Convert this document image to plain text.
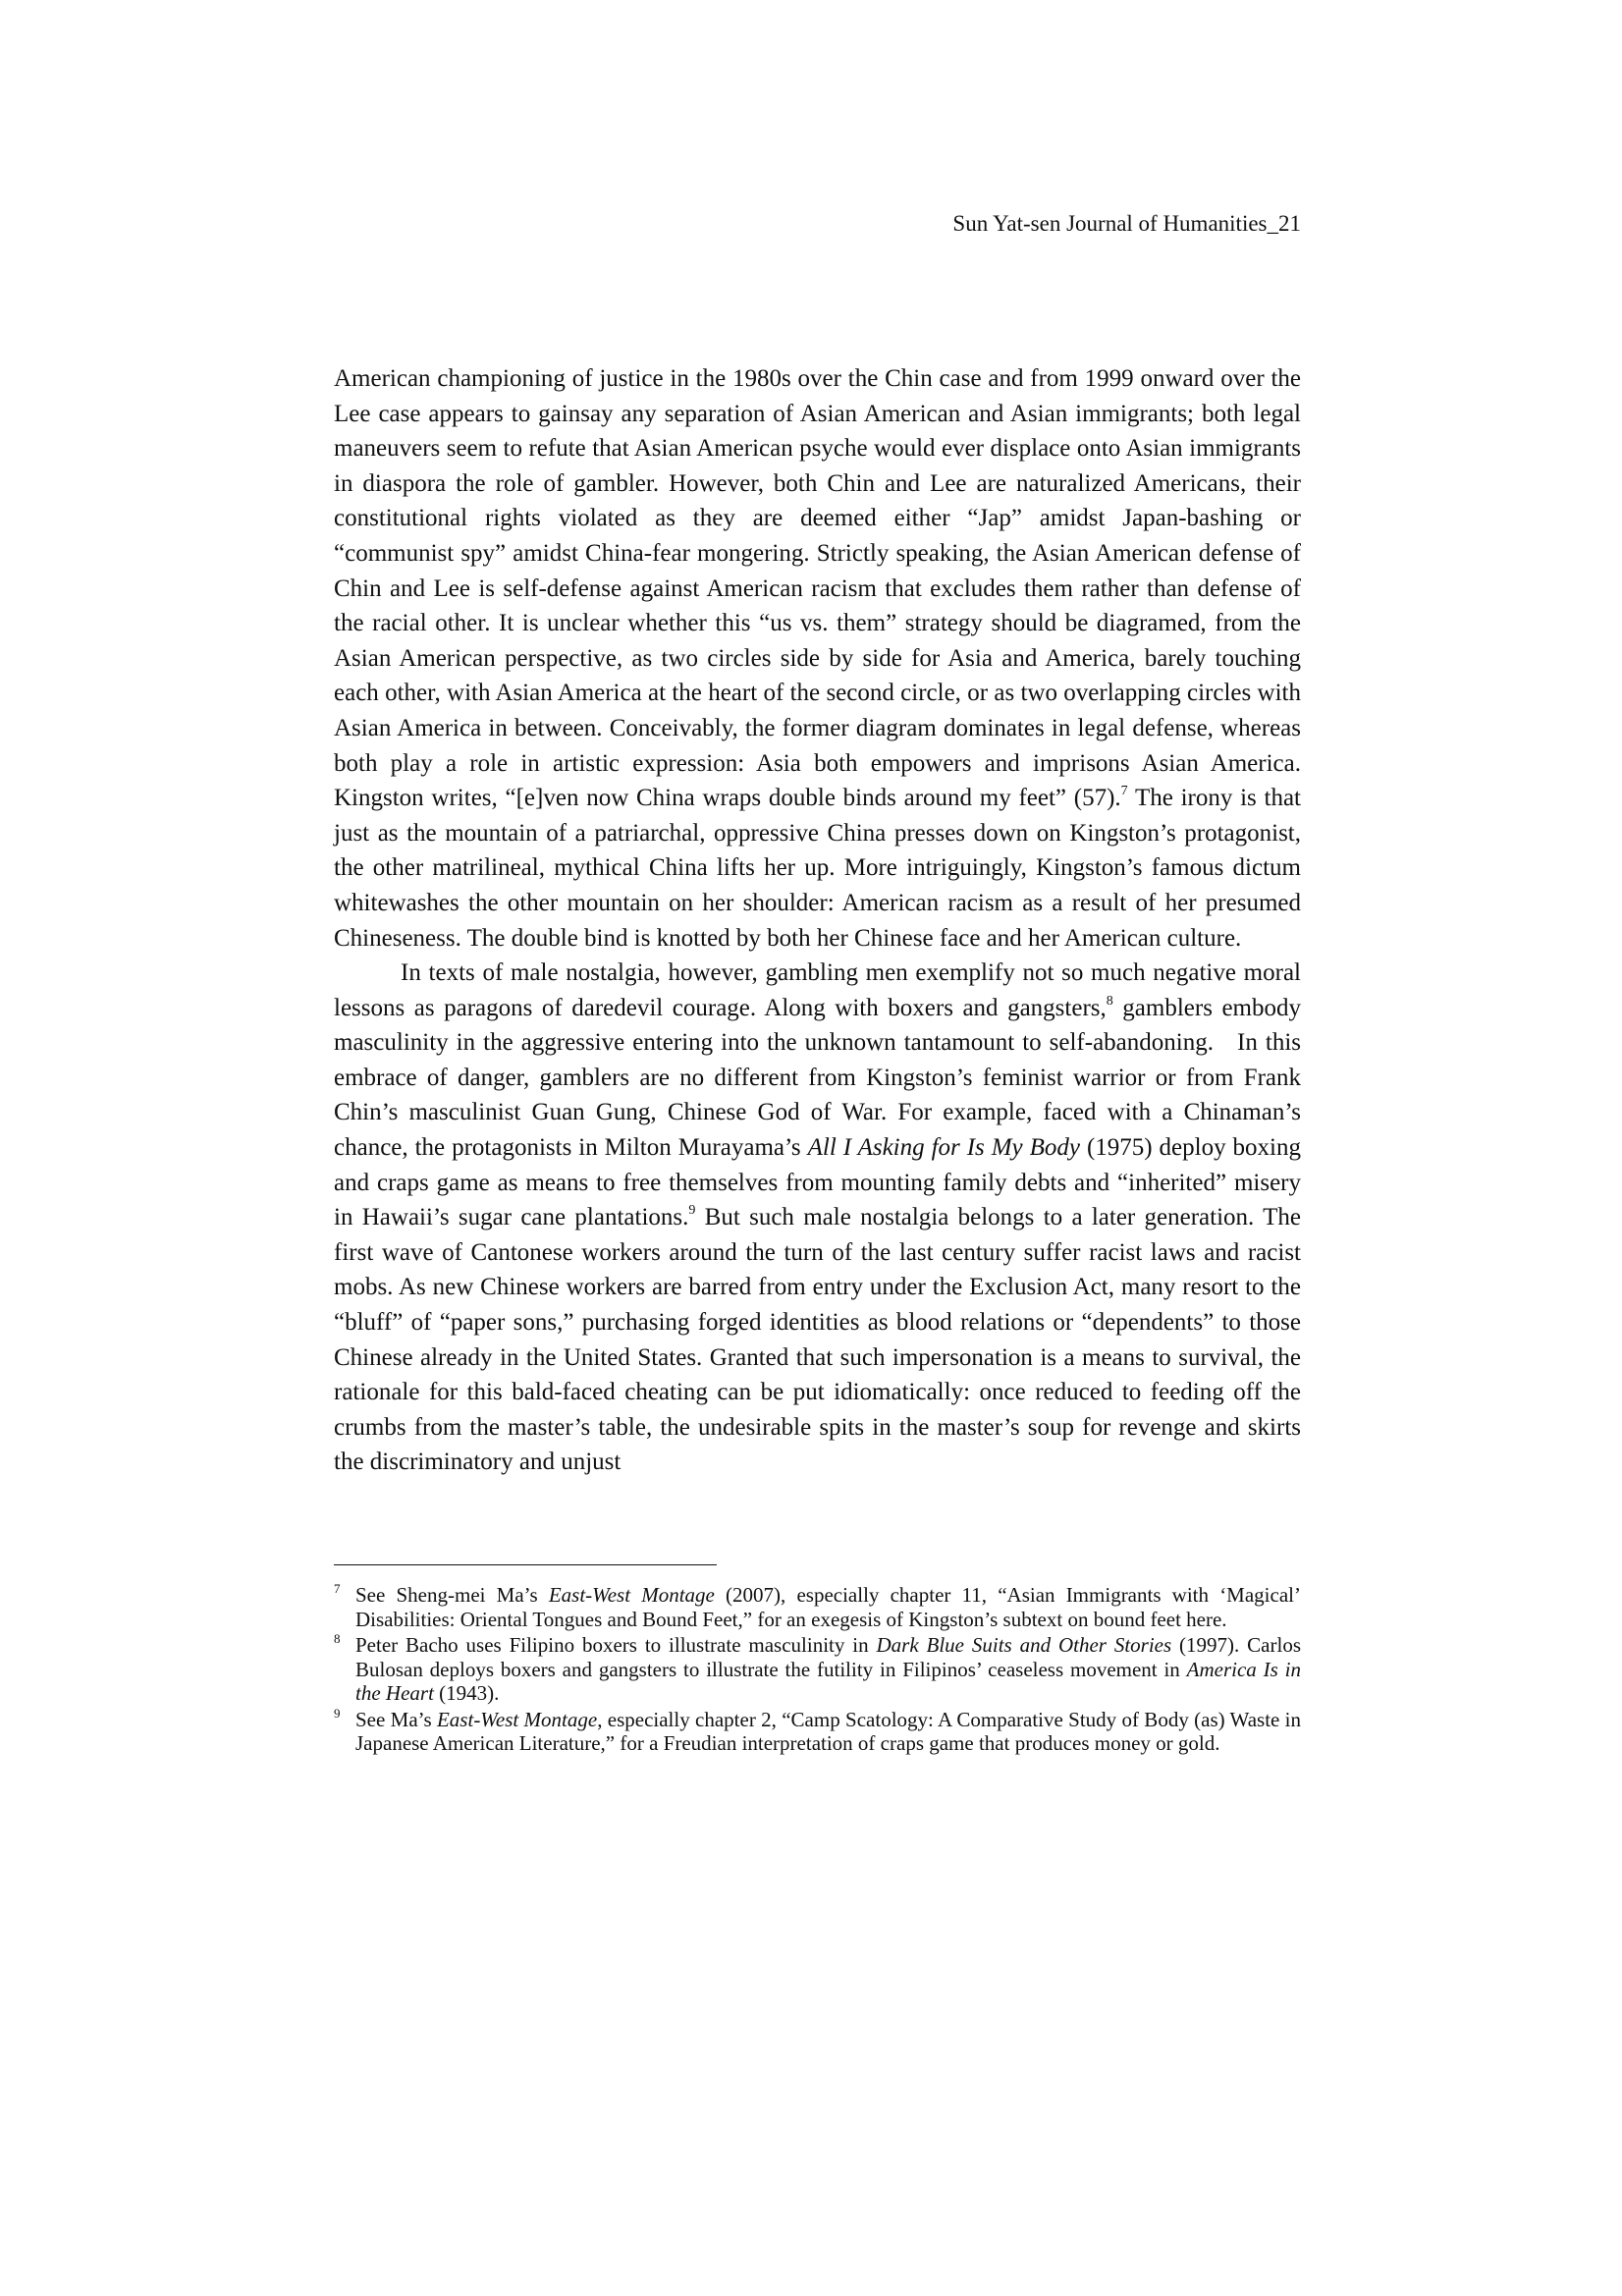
Sun Yat-sen Journal of Humanities_21

American championing of justice in the 1980s over the Chin case and from 1999 onward over the Lee case appears to gainsay any separation of Asian American and Asian immigrants; both legal maneuvers seem to refute that Asian American psyche would ever displace onto Asian immigrants in diaspora the role of gambler. However, both Chin and Lee are naturalized Americans, their constitutional rights violated as they are deemed either “Jap” amidst Japan-bashing or “communist spy” amidst China-fear mongering. Strictly speaking, the Asian American defense of Chin and Lee is self-defense against American racism that excludes them rather than defense of the racial other. It is unclear whether this “us vs. them” strategy should be diagramed, from the Asian American perspective, as two circles side by side for Asia and America, barely touching each other, with Asian America at the heart of the second circle, or as two overlapping circles with Asian America in between. Conceivably, the former diagram dominates in legal defense, whereas both play a role in artistic expression: Asia both empowers and imprisons Asian America. Kingston writes, “[e]ven now China wraps double binds around my feet” (57).$^7$ The irony is that just as the mountain of a patriarchal, oppressive China presses down on Kingston’s protagonist, the other matrilineal, mythical China lifts her up. More intriguingly, Kingston’s famous dictum whitewashes the other mountain on her shoulder: American racism as a result of her presumed Chineseness. The double bind is knotted by both her Chinese face and her American culture.

In texts of male nostalgia, however, gambling men exemplify not so much negative moral lessons as paragons of daredevil courage. Along with boxers and gangsters,$^8$ gamblers embody masculinity in the aggressive entering into the unknown tantamount to self-abandoning.   In this embrace of danger, gamblers are no different from Kingston’s feminist warrior or from Frank Chin’s masculinist Guan Gung, Chinese God of War. For example, faced with a Chinaman’s chance, the protagonists in Milton Murayama’s All I Asking for Is My Body (1975) deploy boxing and craps game as means to free themselves from mounting family debts and “inherited” misery in Hawaii’s sugar cane plantations.$^9$ But such male nostalgia belongs to a later generation. The first wave of Cantonese workers around the turn of the last century suffer racist laws and racist mobs. As new Chinese workers are barred from entry under the Exclusion Act, many resort to the “bluff” of “paper sons,” purchasing forged identities as blood relations or “dependents” to those Chinese already in the United States. Granted that such impersonation is a means to survival, the rationale for this bald-faced cheating can be put idiomatically: once reduced to feeding off the crumbs from the master’s table, the undesirable spits in the master’s soup for revenge and skirts the discriminatory and unjust

7 See Sheng-mei Ma’s East-West Montage (2007), especially chapter 11, “Asian Immigrants with ‘Magical’ Disabilities: Oriental Tongues and Bound Feet,” for an exegesis of Kingston’s subtext on bound feet here.
8 Peter Bacho uses Filipino boxers to illustrate masculinity in Dark Blue Suits and Other Stories (1997). Carlos Bulosan deploys boxers and gangsters to illustrate the futility in Filipinos’ ceaseless movement in America Is in the Heart (1943).
9 See Ma’s East-West Montage, especially chapter 2, “Camp Scatology: A Comparative Study of Body (as) Waste in Japanese American Literature,” for a Freudian interpretation of craps game that produces money or gold.
